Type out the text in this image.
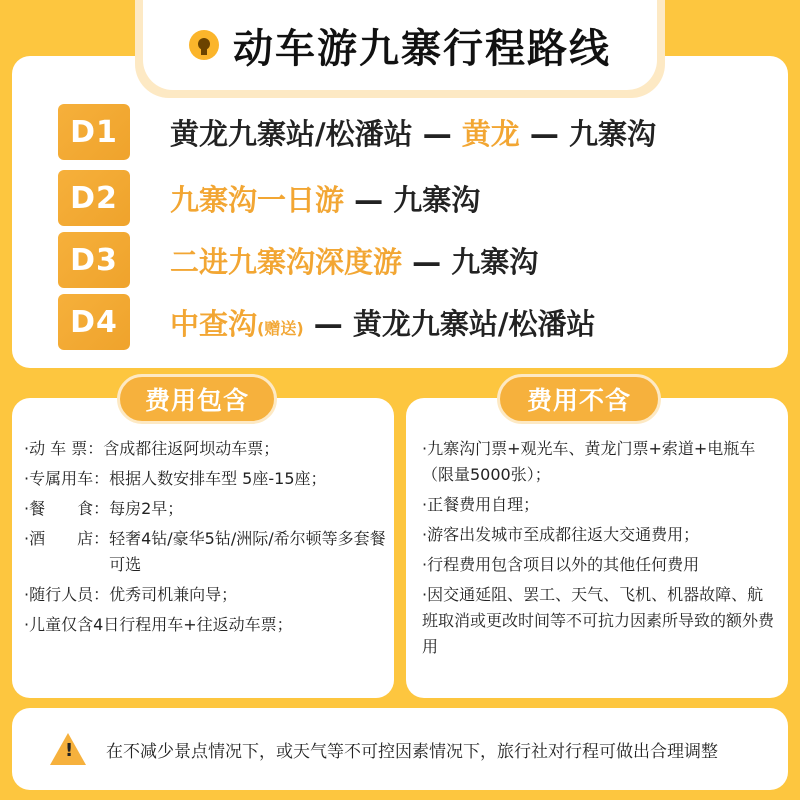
动车游九寨行程路线
D1	黄龙九寨站/松潘站 — 黄龙 — 九寨沟
D2	九寨沟一日游 — 九寨沟
D3	二进九寨沟深度游 — 九寨沟
D4	中查沟(赠送) — 黄龙九寨站/松潘站
费用包含
·动 车 票： 含成都往返阿坝动车票；
·专属用车： 根据人数安排车型 5座-15座；
·餐　　食： 每房2早；
·酒　　店： 轻奢4钻/豪华5钻/洲际/希尔顿等多套餐可选
·随行人员： 优秀司机兼向导；
·儿童仅含4日行程用车+往返动车票；
费用不含
·九寨沟门票+观光车、黄龙门票+索道+电瓶车（限量5000张）；
·正餐费用自理；
·游客出发城市至成都往返大交通费用；
·行程费用包含项目以外的其他任何费用
·因交通延阻、罢工、天气、飞机、机器故障、航班取消或更改时间等不可抗力因素所导致的额外费用
! 在不减少景点情况下，或天气等不可控因素情况下，旅行社对行程可做出合理调整
